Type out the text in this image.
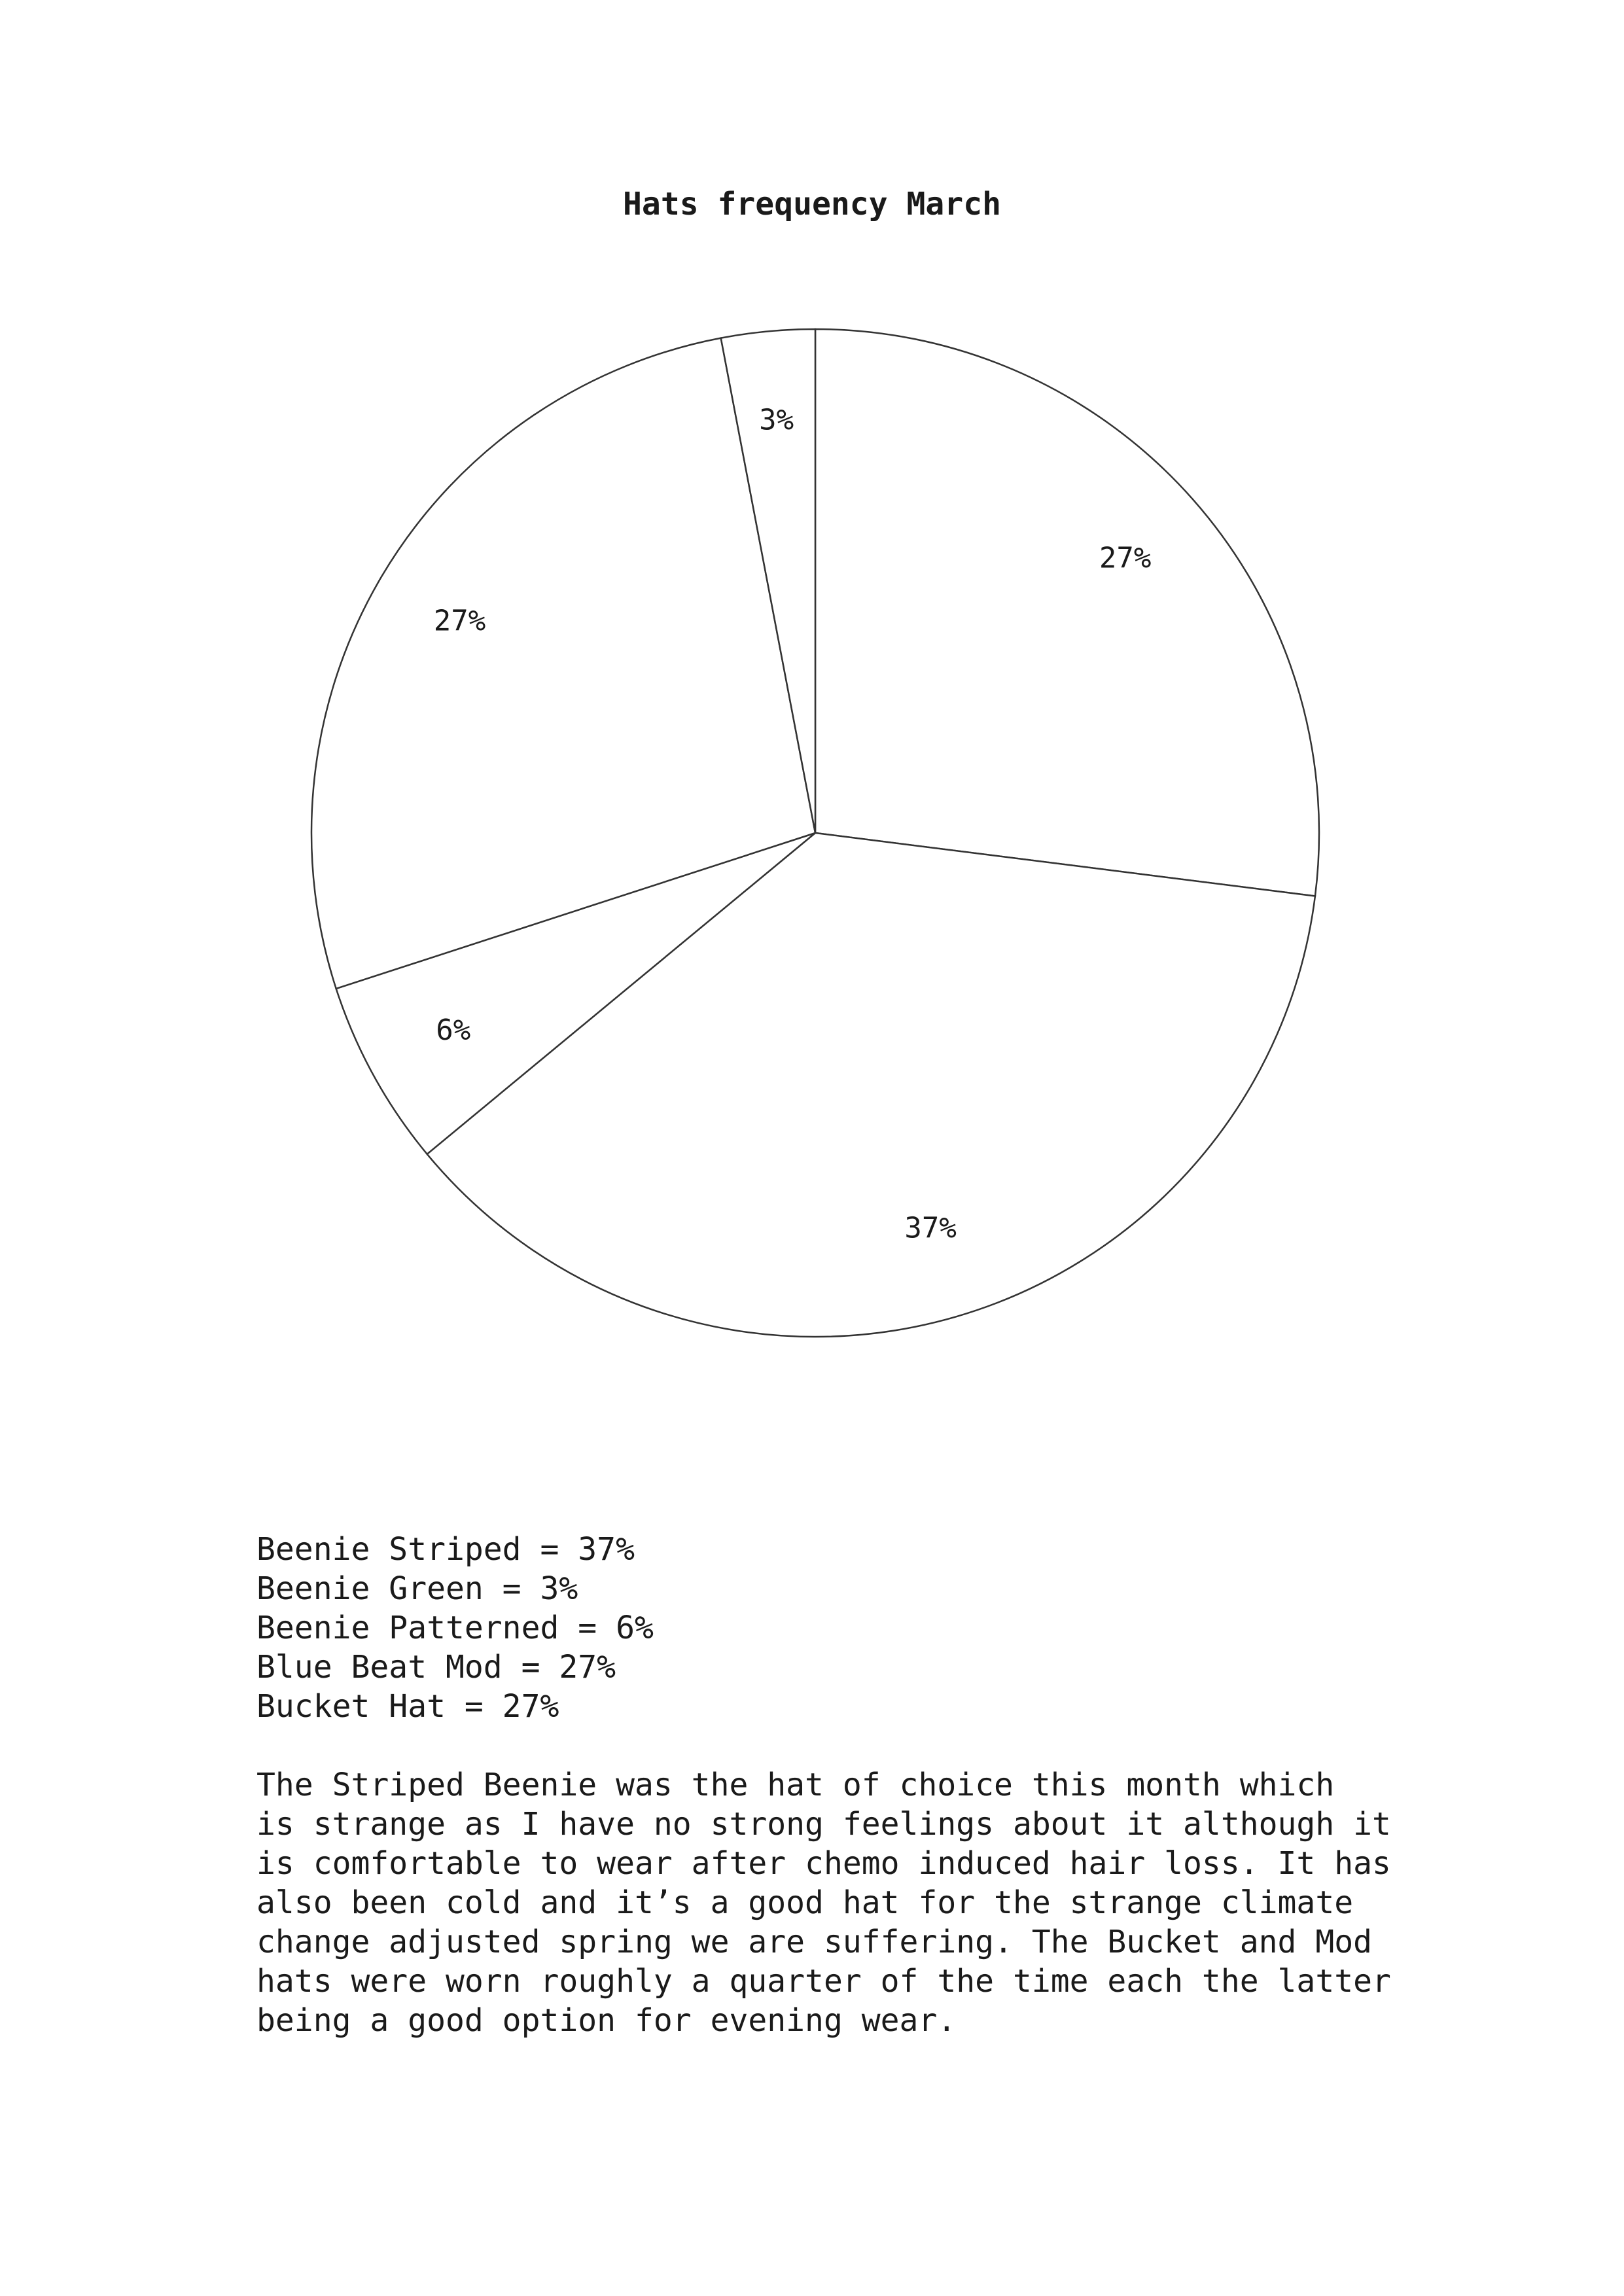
Hats frequency March
27%
37%
6%
27%
3%
Beenie Striped = 37%
Beenie Green = 3%
Beenie Patterned = 6%
Blue Beat Mod = 27%
Bucket Hat = 27%

The Striped Beenie was the hat of choice this month which
is strange as I have no strong feelings about it although it
is comfortable to wear after chemo induced hair loss. It has
also been cold and it’s a good hat for the strange climate
change adjusted spring we are suffering. The Bucket and Mod
hats were worn roughly a quarter of the time each the latter
being a good option for evening wear.
